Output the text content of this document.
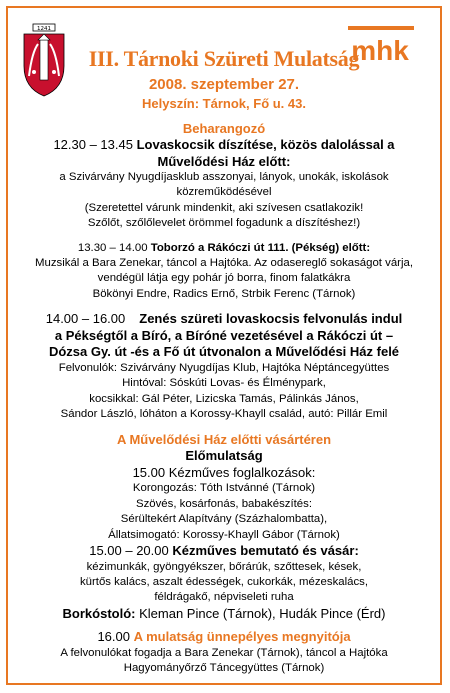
1241
mhk
III. Tárnoki Szüreti Mulatság
2008. szeptember 27.
Helyszín: Tárnok, Fő u. 43.

Beharangozó

12.30 – 13.45 Lovaskocsik díszítése, közös dalolással a

Művelődési Ház előtt:

a Szivárvány Nyugdíjasklub asszonyai, lányok, unokák, iskolások

közreműködésével

(Szeretettel várunk mindenkit, aki szívesen csatlakozik!

Szőlőt, szőlőlevelet örömmel fogadunk a díszítéshez!)

13.30 – 14.00 Toborzó a Rákóczi út 111. (Pékség) előtt:

Muzsikál a Bara Zenekar, táncol a Hajtóka. Az odasereglő sokaságot várja,

vendégül látja egy pohár jó borra, finom falatkákra

Bökönyi Endre, Radics Ernő, Strbik Ferenc (Tárnok)

14.00 – 16.00 Zenés szüreti lovaskocsis felvonulás indul

a Pékségtől a Bíró, a Bíróné vezetésével a Rákóczi út –

Dózsa Gy. út -és a Fő út útvonalon a Művelődési Ház felé

Felvonulók: Szivárvány Nyugdíjas Klub, Hajtóka Néptáncegyüttes

Hintóval: Sóskúti Lovas- és Élménypark,

kocsikkal: Gál Péter, Lizicska Tamás, Pálinkás János,

Sándor László, lóháton a Korossy-Khayll család, autó: Pillár Emil

A Művelődési Ház előtti vásártéren

Előmulatság

15.00 Kézműves foglalkozások:

Korongozás: Tóth Istvánné (Tárnok)

Szövés, kosárfonás, babakészítés:

Sérültekért Alapítvány (Százhalombatta),

Állatsimogató: Korossy-Khayll Gábor (Tárnok)

15.00 – 20.00 Kézműves bemutató és vásár:

kézimunkák, gyöngyékszer, bőrárúk, szőttesek, kések,

kürtős kalács, aszalt édességek, cukorkák, mézeskalács,

féldrágakő, népviseleti ruha

Borkóstoló: Kleman Pince (Tárnok), Hudák Pince (Érd)

16.00 A mulatság ünnepélyes megnyitója

A felvonulókat fogadja a Bara Zenekar (Tárnok), táncol a Hajtóka

Hagyományőrző Táncegyüttes (Tárnok)
